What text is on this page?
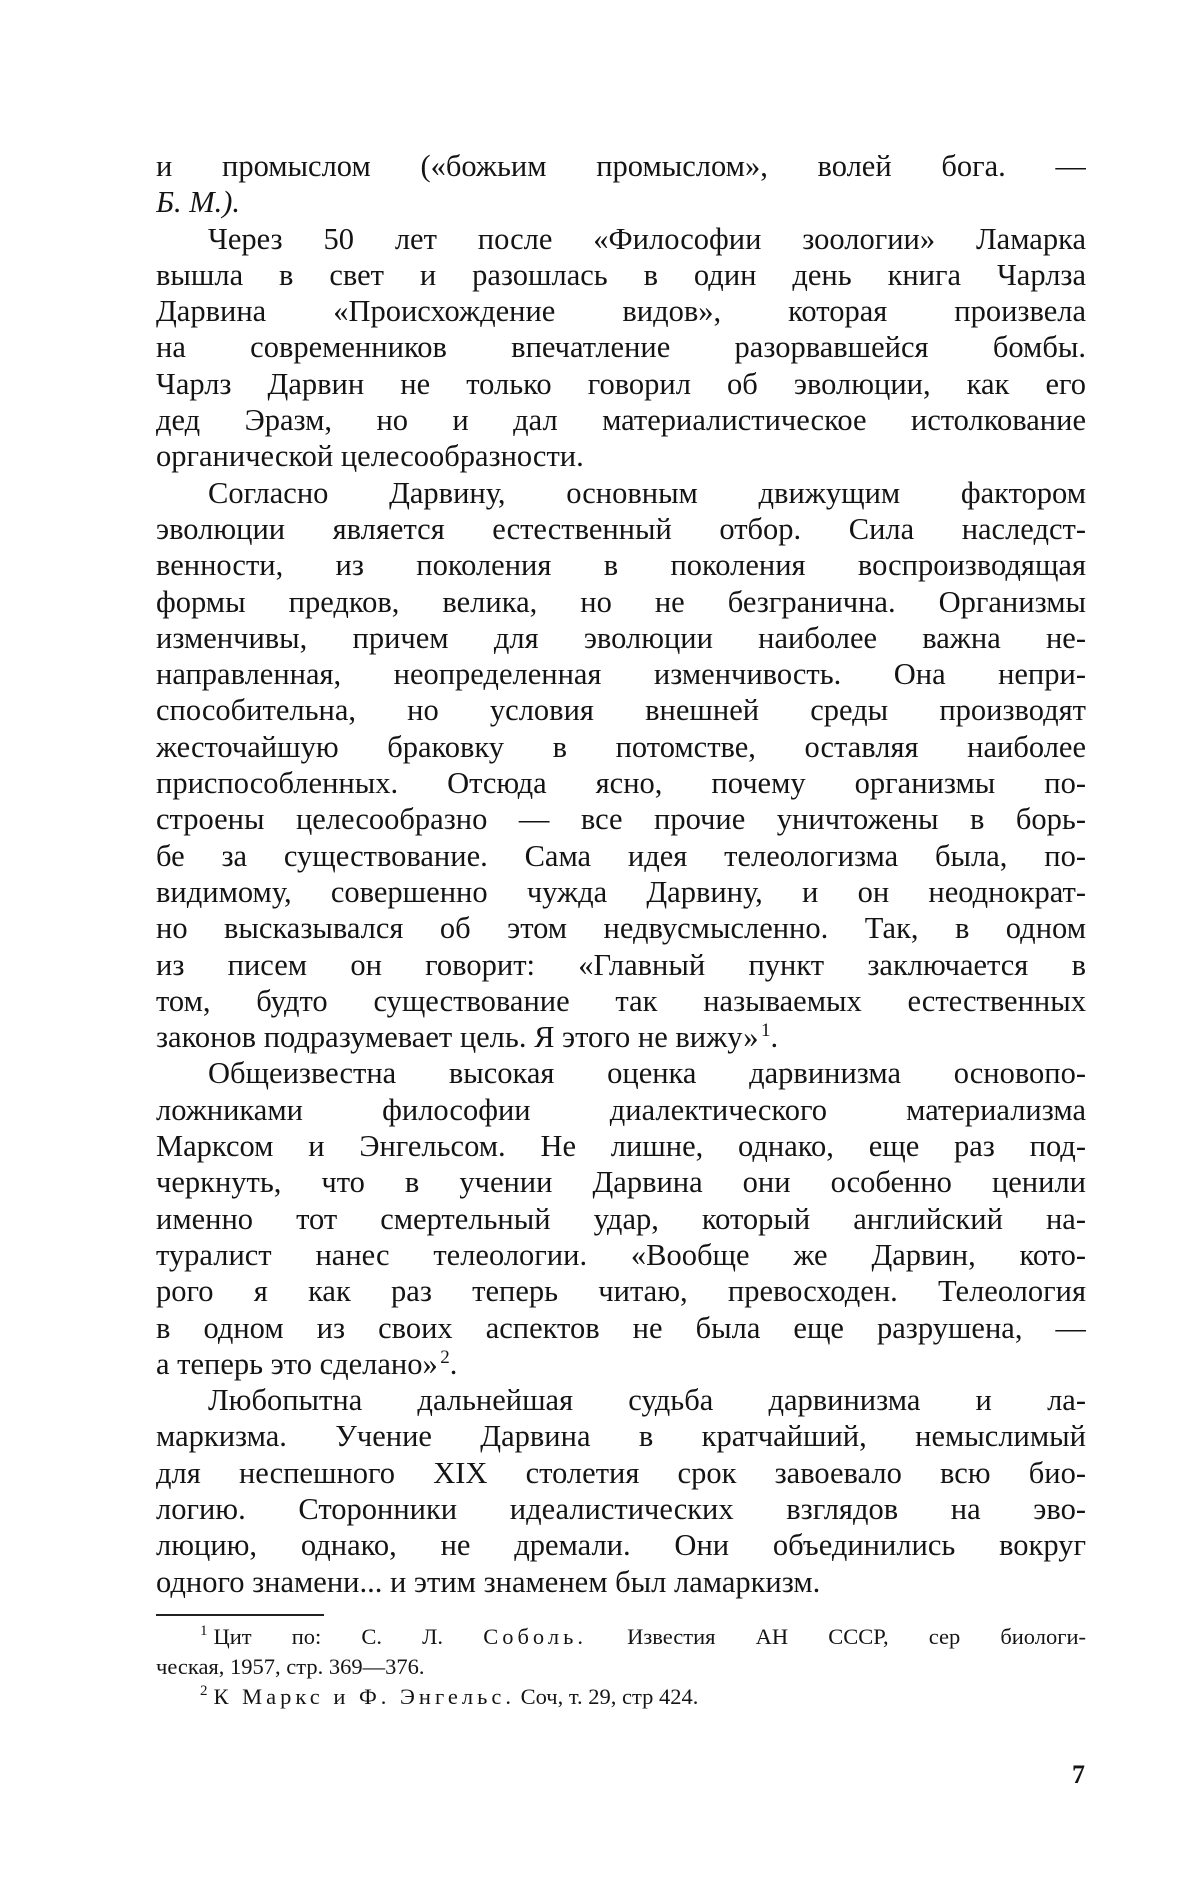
и промыслом («божьим промыслом», волей бога. —
Б. М.).
Через 50 лет после «Философии зоологии» Ламарка
вышла в свет и разошлась в один день книга Чарлза
Дарвина «Происхождение видов», которая произвела
на современников впечатление разорвавшейся бомбы.
Чарлз Дарвин не только говорил об эволюции, как его
дед Эразм, но и дал материалистическое истолкование
органической целесообразности.
Согласно Дарвину, основным движущим фактором
эволюции является естественный отбор. Сила наследст-
венности, из поколения в поколения воспроизводящая
формы предков, велика, но не безгранична. Организмы
изменчивы, причем для эволюции наиболее важна не-
направленная, неопределенная изменчивость. Она непри-
способительна, но условия внешней среды производят
жесточайшую браковку в потомстве, оставляя наиболее
приспособленных. Отсюда ясно, почему организмы по-
строены целесообразно — все прочие уничтожены в борь-
бе за существование. Сама идея телеологизма была, по-
видимому, совершенно чужда Дарвину, и он неоднократ-
но высказывался об этом недвусмысленно. Так, в одном
из писем он говорит: «Главный пункт заключается в
том, будто существование так называемых естественных
законов подразумевает цель. Я этого не вижу»  $^1$.
Общеизвестна высокая оценка дарвинизма основопо-
ложниками философии диалектического материализма
Марксом и Энгельсом. Не лишне, однако, еще раз под-
черкнуть, что в учении Дарвина они особенно ценили
именно тот смертельный удар, который английский на-
туралист нанес телеологии. «Вообще же Дарвин, кото-
рого я как раз теперь читаю, превосходен. Телеология
в одном из своих аспектов не была еще разрушена, —
а теперь это сделано»  $^2$.
Любопытна дальнейшая судьба дарвинизма и ла-
маркизма. Учение Дарвина в кратчайший, немыслимый
для неспешного XIX столетия срок завоевало всю био-
логию. Сторонники идеалистических взглядов на эво-
люцию, однако, не дремали. Они объединились вокруг
одного знамени... и этим знаменем был ламаркизм.
$^1$ Цит по: С. Л. Соболь. Известия АН СССР, сер биологи-
ческая, 1957, стр. 369—376.
$^2$ К Маркс и Ф. Энгельс. Соч, т. 29, стр 424.
7
